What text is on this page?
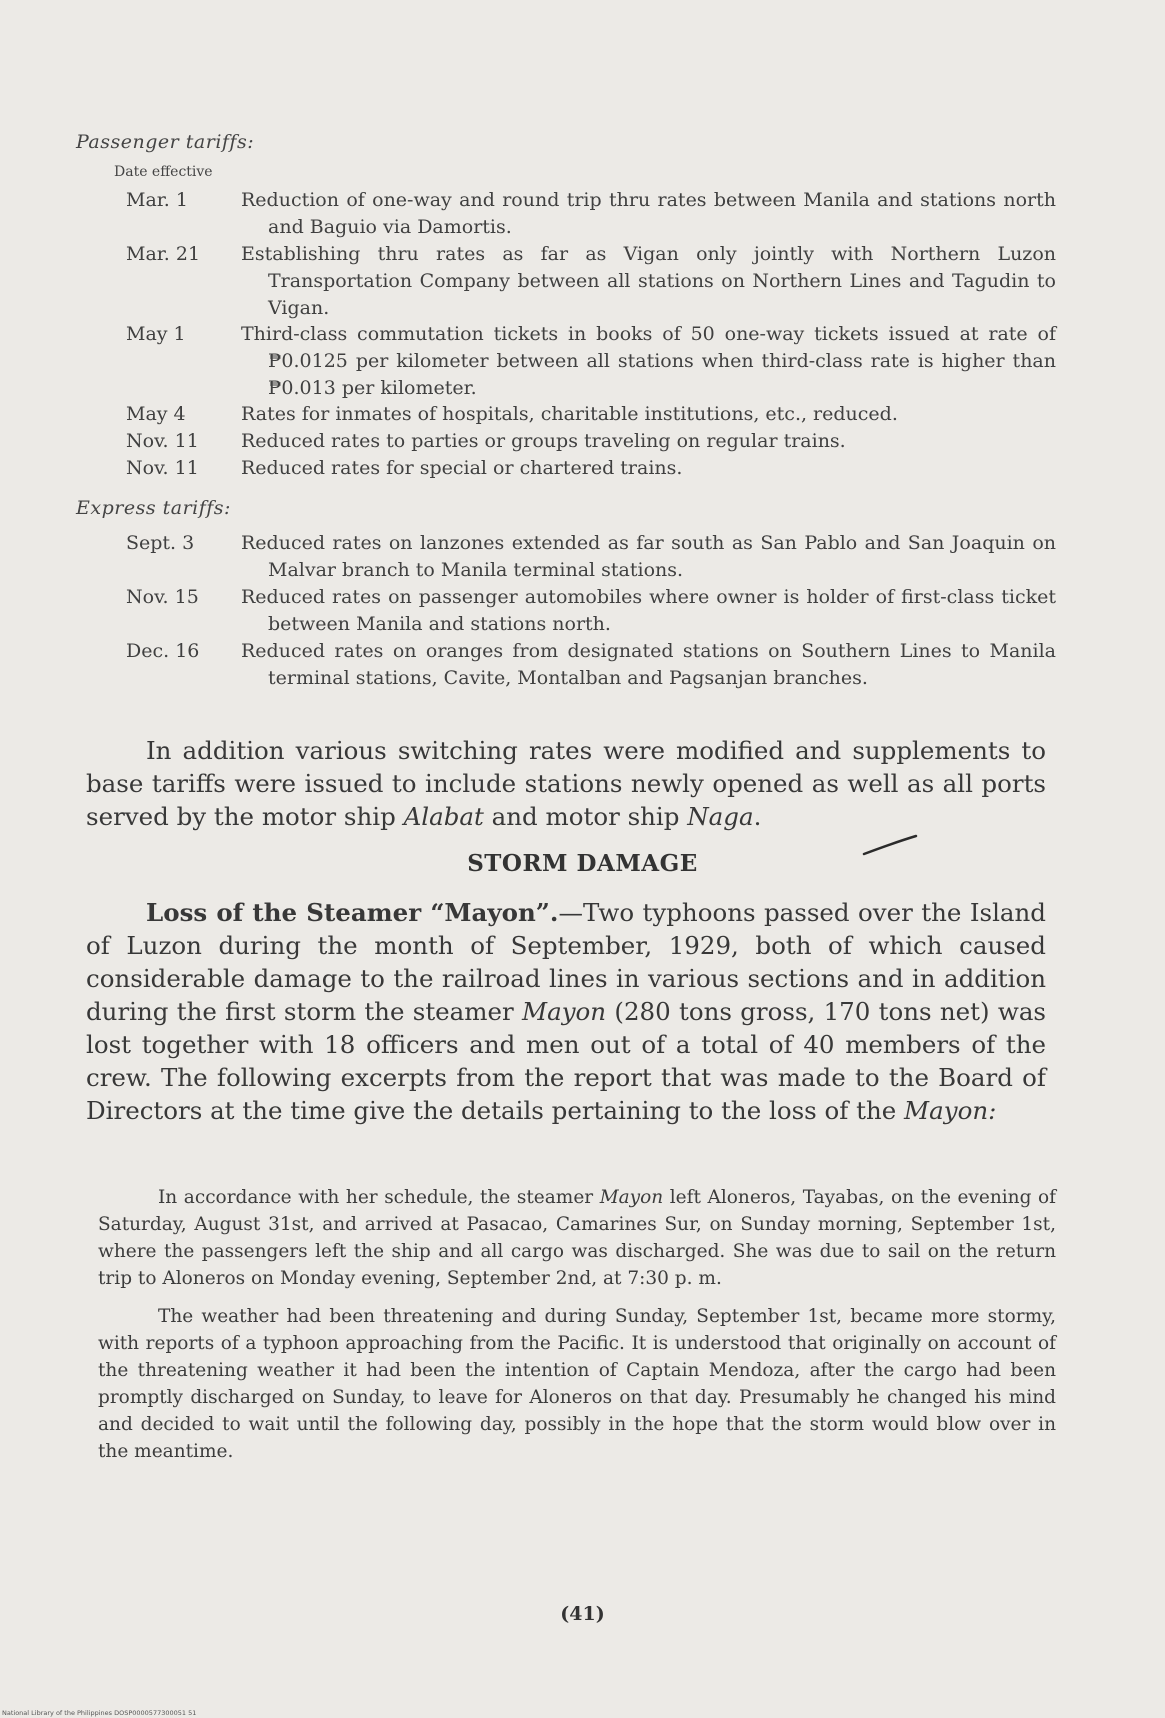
Passenger tariffs:
Date effective
Mar. 1	Reduction of one-way and round trip thru rates between Manila and stations north and Baguio via Damortis.
Mar. 21	Establishing thru rates as far as Vigan only jointly with Northern Luzon Transportation Company between all stations on Northern Lines and Tagudin to Vigan.
May 1	Third-class commutation tickets in books of 50 one-way tickets issued at rate of ₱0.0125 per kilometer between all stations when third-class rate is higher than ₱0.013 per kilometer.
May 4	Rates for inmates of hospitals, charitable institutions, etc., reduced.
Nov. 11	Reduced rates to parties or groups traveling on regular trains.
Nov. 11	Reduced rates for special or chartered trains.
Express tariffs:
Sept. 3	Reduced rates on lanzones extended as far south as San Pablo and San Joaquin on Malvar branch to Manila terminal stations.
Nov. 15	Reduced rates on passenger automobiles where owner is holder of first-class ticket between Manila and stations north.
Dec. 16	Reduced rates on oranges from designated stations on Southern Lines to Manila terminal stations, Cavite, Montalban and Pagsanjan branches.
In addition various switching rates were modified and supplements to base tariffs were issued to include stations newly opened as well as all ports served by the motor ship Alabat and motor ship Naga.
STORM DAMAGE
Loss of the Steamer “Mayon”.—Two typhoons passed over the Island of Luzon during the month of September, 1929, both of which caused considerable damage to the railroad lines in various sections and in addition during the first storm the steamer Mayon (280 tons gross, 170 tons net) was lost together with 18 officers and men out of a total of 40 members of the crew. The following excerpts from the report that was made to the Board of Directors at the time give the details pertaining to the loss of the Mayon:
In accordance with her schedule, the steamer Mayon left Aloneros, Tayabas, on the evening of Saturday, August 31st, and arrived at Pasacao, Camarines Sur, on Sunday morning, September 1st, where the passengers left the ship and all cargo was discharged. She was due to sail on the return trip to Aloneros on Monday evening, September 2nd, at 7:30 p. m.
The weather had been threatening and during Sunday, September 1st, became more stormy, with reports of a typhoon approaching from the Pacific. It is understood that originally on account of the threatening weather it had been the intention of Captain Mendoza, after the cargo had been promptly discharged on Sunday, to leave for Aloneros on that day. Presumably he changed his mind and decided to wait until the following day, possibly in the hope that the storm would blow over in the meantime.
(41)
National Library of the Philippines DOSP0000577300051 51
